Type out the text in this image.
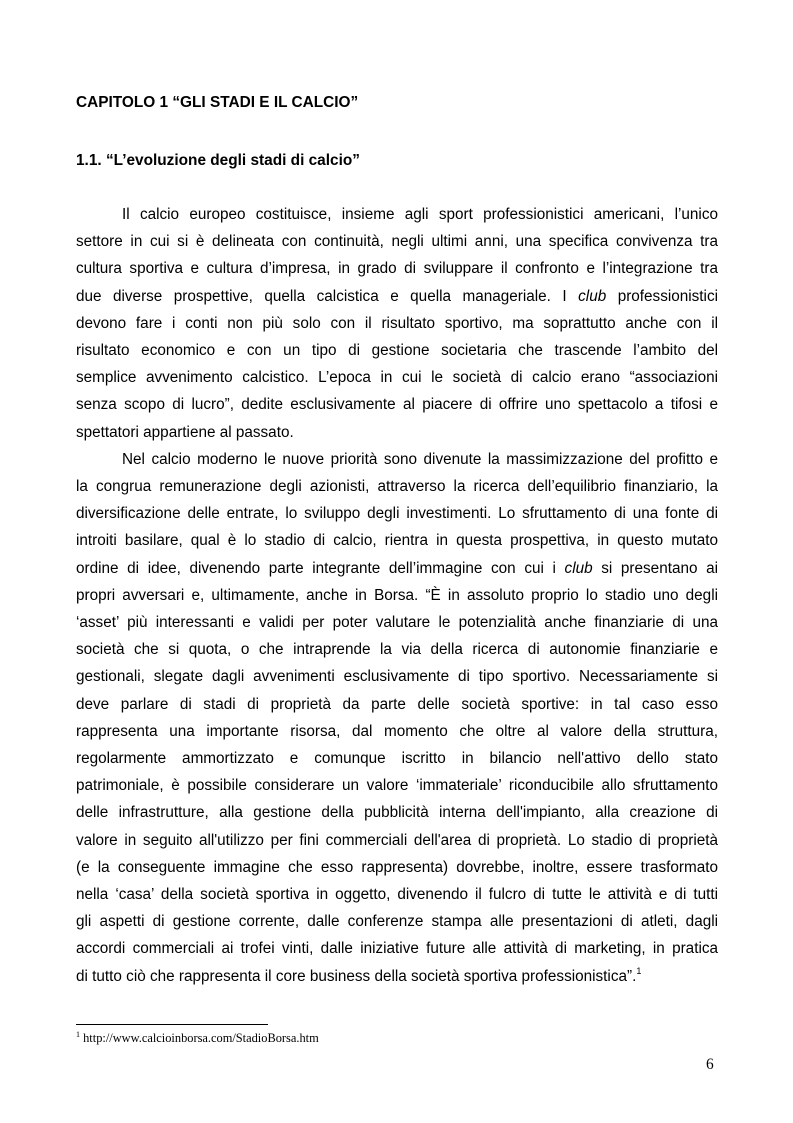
CAPITOLO 1 “GLI STADI E IL CALCIO”
1.1. “L’evoluzione degli stadi di calcio”

Il calcio europeo costituisce, insieme agli sport professionistici americani, l’unico
settore in cui si è delineata con continuità, negli ultimi anni, una specifica convivenza tra
cultura sportiva e cultura d’impresa, in grado di sviluppare il confronto e l’integrazione tra
due diverse prospettive, quella calcistica e quella manageriale. I club professionistici
devono fare i conti non più solo con il risultato sportivo, ma soprattutto anche con il
risultato economico e con un tipo di gestione societaria che trascende l’ambito del
semplice avvenimento calcistico. L’epoca in cui le società di calcio erano “associazioni
senza scopo di lucro”, dedite esclusivamente al piacere di offrire uno spettacolo a tifosi e
spettatori appartiene al passato.

Nel calcio moderno le nuove priorità sono divenute la massimizzazione del profitto e
la congrua remunerazione degli azionisti, attraverso la ricerca dell’equilibrio finanziario, la
diversificazione delle entrate, lo sviluppo degli investimenti. Lo sfruttamento di una fonte di
introiti basilare, qual è lo stadio di calcio, rientra in questa prospettiva, in questo mutato
ordine di idee, divenendo parte integrante dell’immagine con cui i club si presentano ai
propri avversari e, ultimamente, anche in Borsa. “È in assoluto proprio lo stadio uno degli
‘asset’ più interessanti e validi per poter valutare le potenzialità anche finanziarie di una
società che si quota, o che intraprende la via della ricerca di autonomie finanziarie e
gestionali, slegate dagli avvenimenti esclusivamente di tipo sportivo. Necessariamente si
deve parlare di stadi di proprietà da parte delle società sportive: in tal caso esso
rappresenta una importante risorsa, dal momento che oltre al valore della struttura,
regolarmente ammortizzato e comunque iscritto in bilancio nell'attivo dello stato
patrimoniale, è possibile considerare un valore ‘immateriale’ riconducibile allo sfruttamento
delle infrastrutture, alla gestione della pubblicità interna dell'impianto, alla creazione di
valore in seguito all'utilizzo per fini commerciali dell'area di proprietà. Lo stadio di proprietà
(e la conseguente immagine che esso rappresenta) dovrebbe, inoltre, essere trasformato
nella ‘casa’ della società sportiva in oggetto, divenendo il fulcro di tutte le attività e di tutti
gli aspetti di gestione corrente, dalle conferenze stampa alle presentazioni di atleti, dagli
accordi commerciali ai trofei vinti, dalle iniziative future alle attività di marketing, in pratica
di tutto ciò che rappresenta il core business della società sportiva professionistica”.$^1$

$^1$ http://www.calcioinborsa.com/StadioBorsa.htm
6
